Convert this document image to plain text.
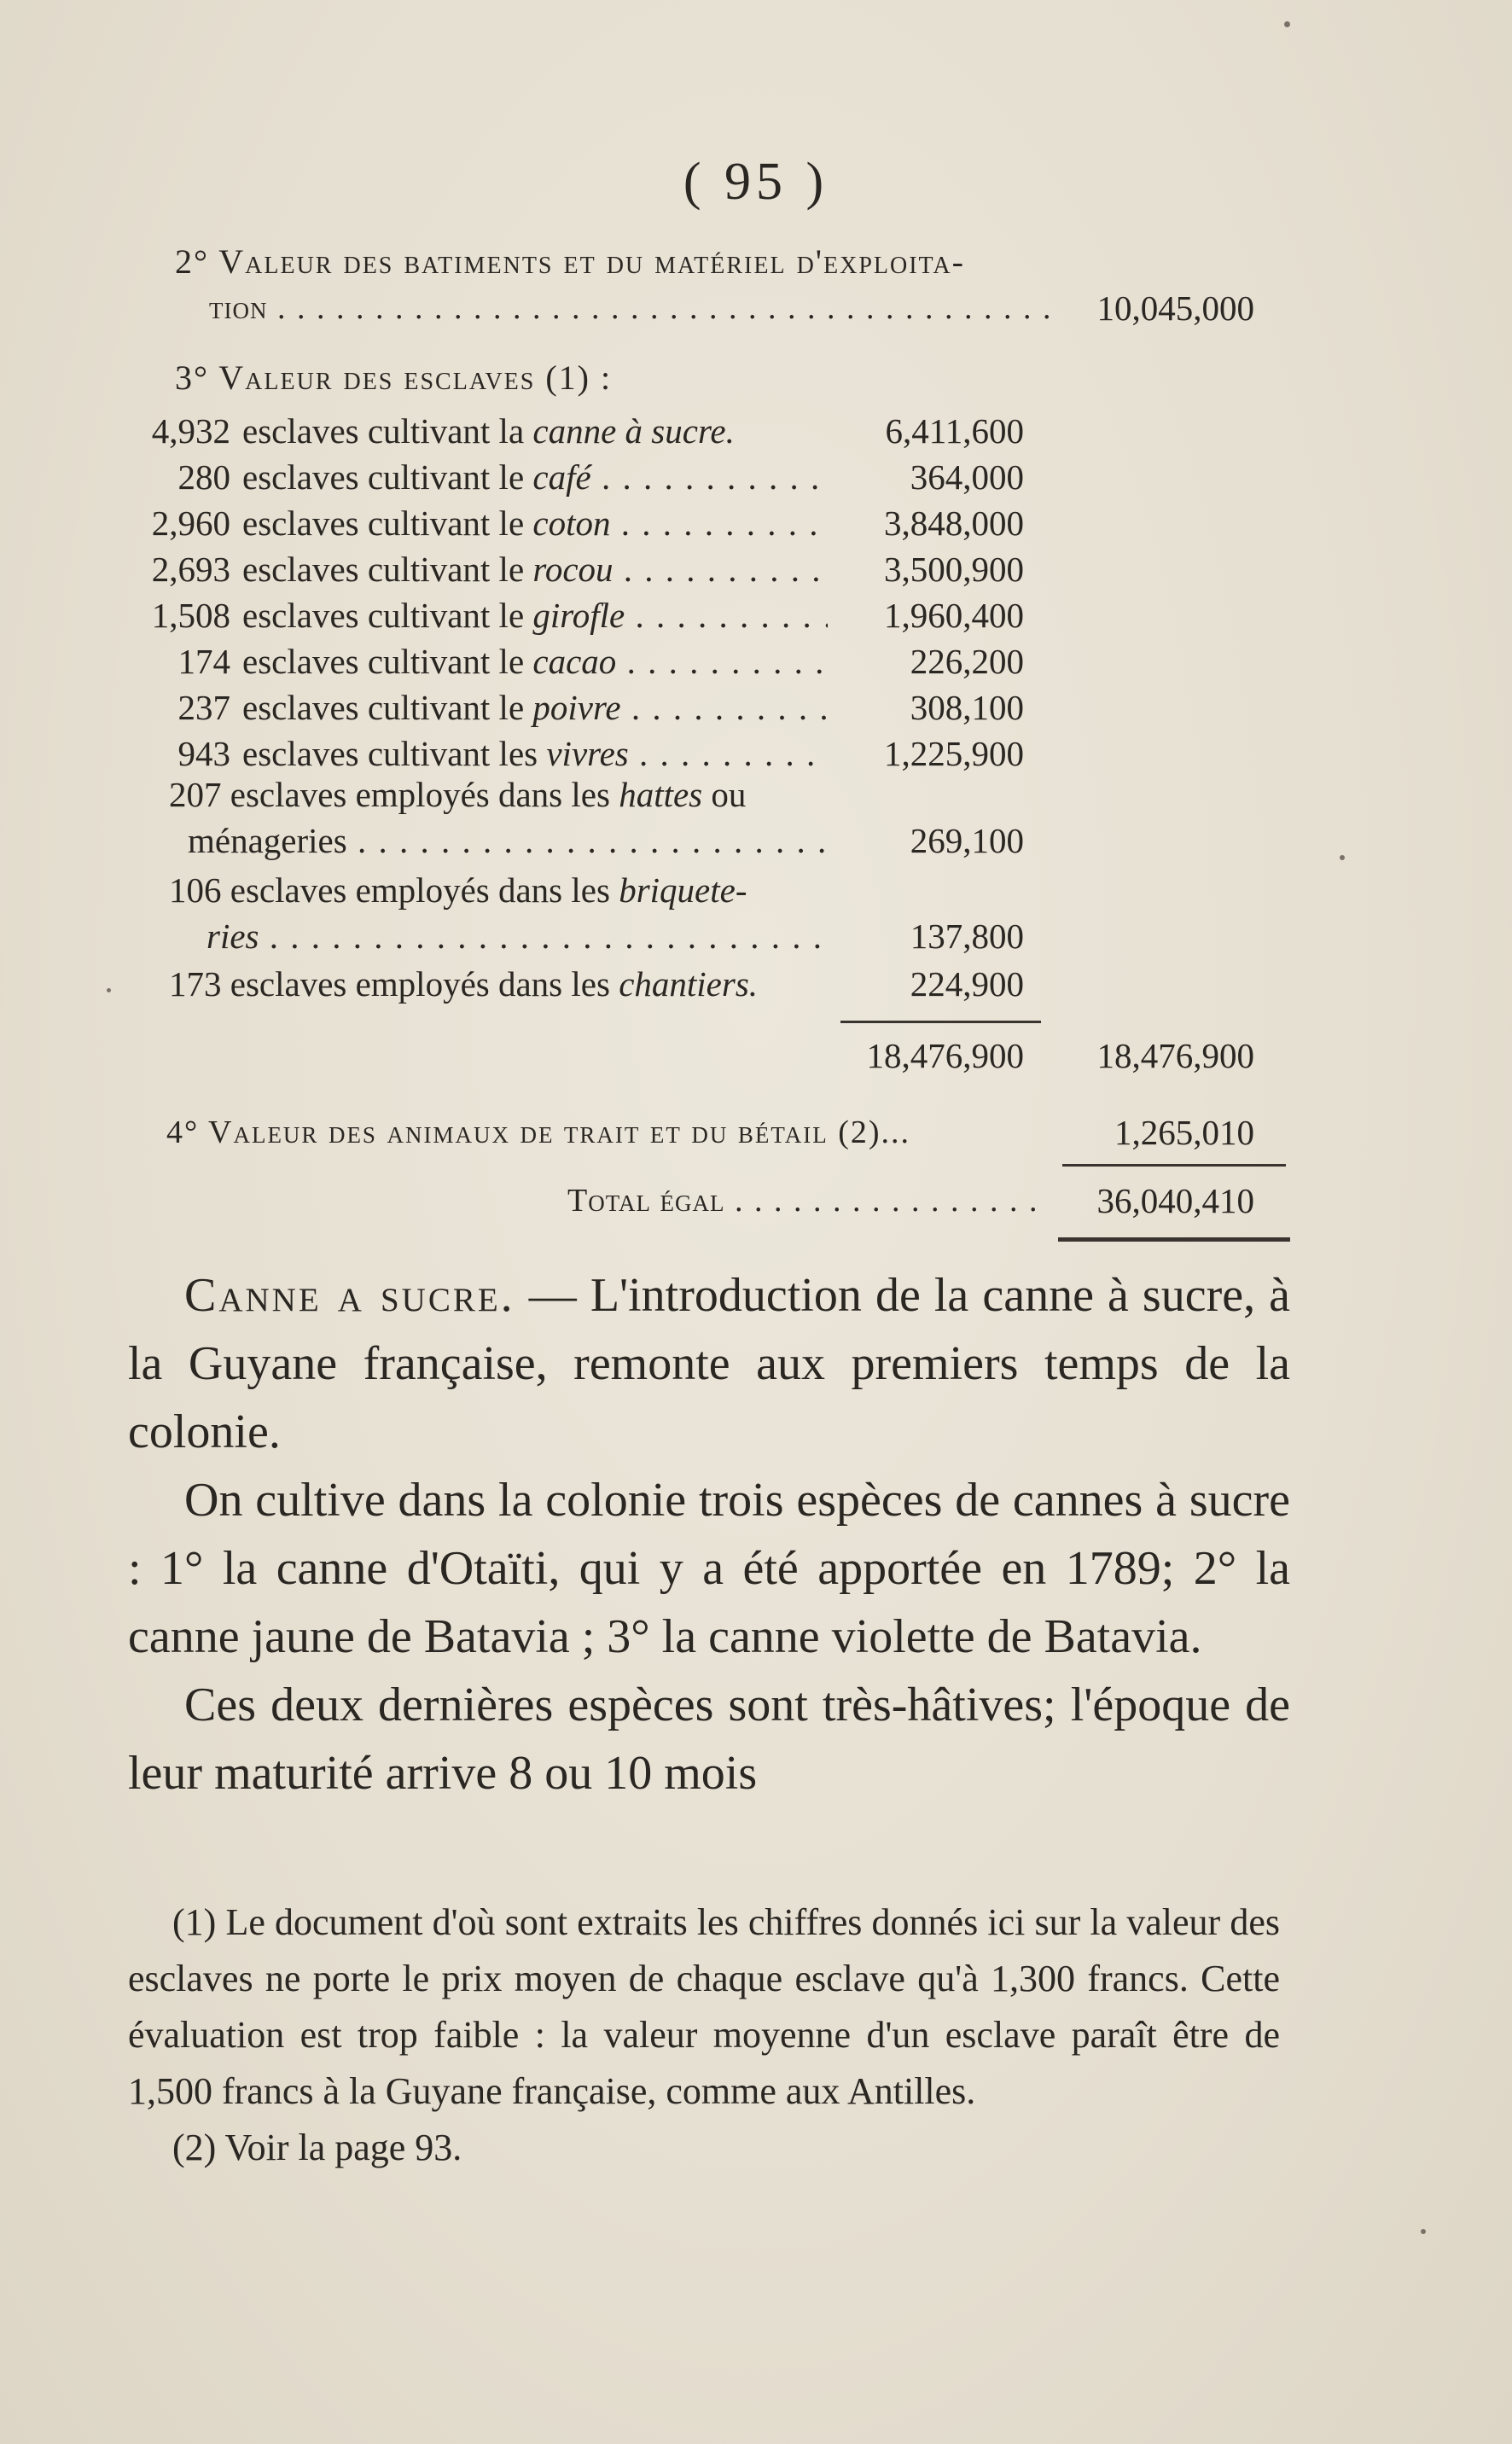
( 95 )
2° Valeur des batiments et du matériel d'exploita-
tion . . .	10,045,000
3° Valeur des esclaves (1) :
4,932 esclaves cultivant la canne à sucre.	6,411,600
280 esclaves cultivant le café . . .	364,000
2,960 esclaves cultivant le coton . . .	3,848,000
2,693 esclaves cultivant le rocou . . .	3,500,900
1,508 esclaves cultivant le girofle . . .	1,960,400
174 esclaves cultivant le cacao . . .	226,200
237 esclaves cultivant le poivre . . .	308,100
943 esclaves cultivant les vivres . . .	1,225,900
207 esclaves employés dans les hattes ou
ménageries . . .	269,100
106 esclaves employés dans les briquete-
ries . . .	137,800
173 esclaves employés dans les chantiers.	224,900
18,476,900	18,476,900
4° Valeur des animaux de trait et du bétail (2)...	1,265,010
Total égal . . .	36,040,410

Canne a sucre. — L'introduction de la canne à sucre, à la Guyane française, remonte aux premiers temps de la colonie.

On cultive dans la colonie trois espèces de cannes à sucre : 1° la canne d'Otaïti, qui y a été apportée en 1789; 2° la canne jaune de Batavia ; 3° la canne violette de Batavia.

Ces deux dernières espèces sont très-hâtives; l'époque de leur maturité arrive 8 ou 10 mois

(1) Le document d'où sont extraits les chiffres donnés ici sur la valeur des esclaves ne porte le prix moyen de chaque esclave qu'à 1,300 francs. Cette évaluation est trop faible : la valeur moyenne d'un esclave paraît être de 1,500 francs à la Guyane française, comme aux Antilles.

(2) Voir la page 93.
